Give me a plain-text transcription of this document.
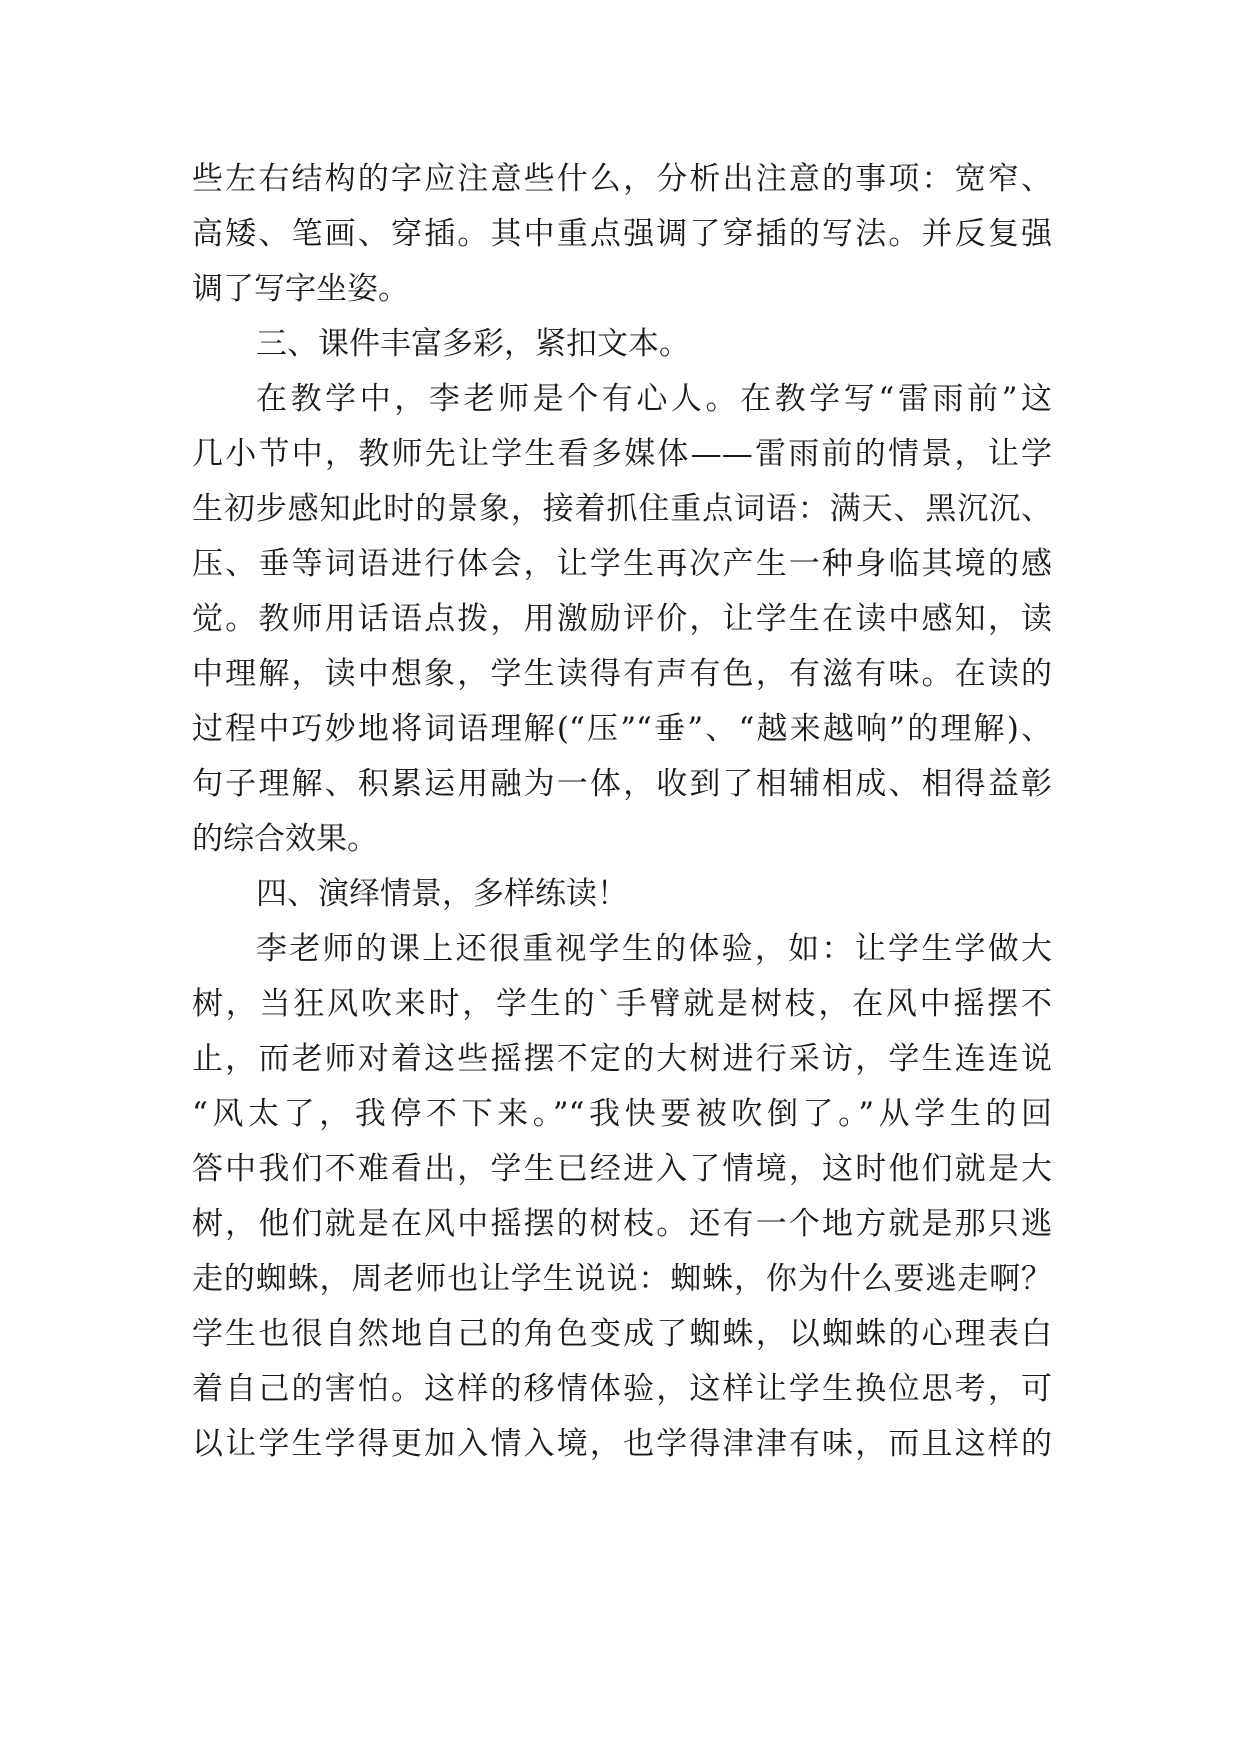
些左右结构的字应注意些什么，分析出注意的事项：宽窄、
高矮、笔画、穿插。其中重点强调了穿插的写法。并反复强
调了写字坐姿。
三、课件丰富多彩，紧扣文本。
在教学中，李老师是个有心人。在教学写“雷雨前”这
几小节中，教师先让学生看多媒体——雷雨前的情景，让学
生初步感知此时的景象，接着抓住重点词语：满天、黑沉沉、
压、垂等词语进行体会，让学生再次产生一种身临其境的感
觉。教师用话语点拨，用激励评价，让学生在读中感知，读
中理解，读中想象，学生读得有声有色，有滋有味。在读的
过程中巧妙地将词语理解(“压”“垂”、“越来越响”的理解)、
句子理解、积累运用融为一体，收到了相辅相成、相得益彰
的综合效果。
四、演绎情景，多样练读！
李老师的课上还很重视学生的体验，如：让学生学做大
树，当狂风吹来时，学生的`手臂就是树枝，在风中摇摆不
止，而老师对着这些摇摆不定的大树进行采访，学生连连说
“风太了，我停不下来。”“我快要被吹倒了。”从学生的回
答中我们不难看出，学生已经进入了情境，这时他们就是大
树，他们就是在风中摇摆的树枝。还有一个地方就是那只逃
走的蜘蛛，周老师也让学生说说：蜘蛛，你为什么要逃走啊？
学生也很自然地自己的角色变成了蜘蛛，以蜘蛛的心理表白
着自己的害怕。这样的移情体验，这样让学生换位思考，可
以让学生学得更加入情入境，也学得津津有味，而且这样的
